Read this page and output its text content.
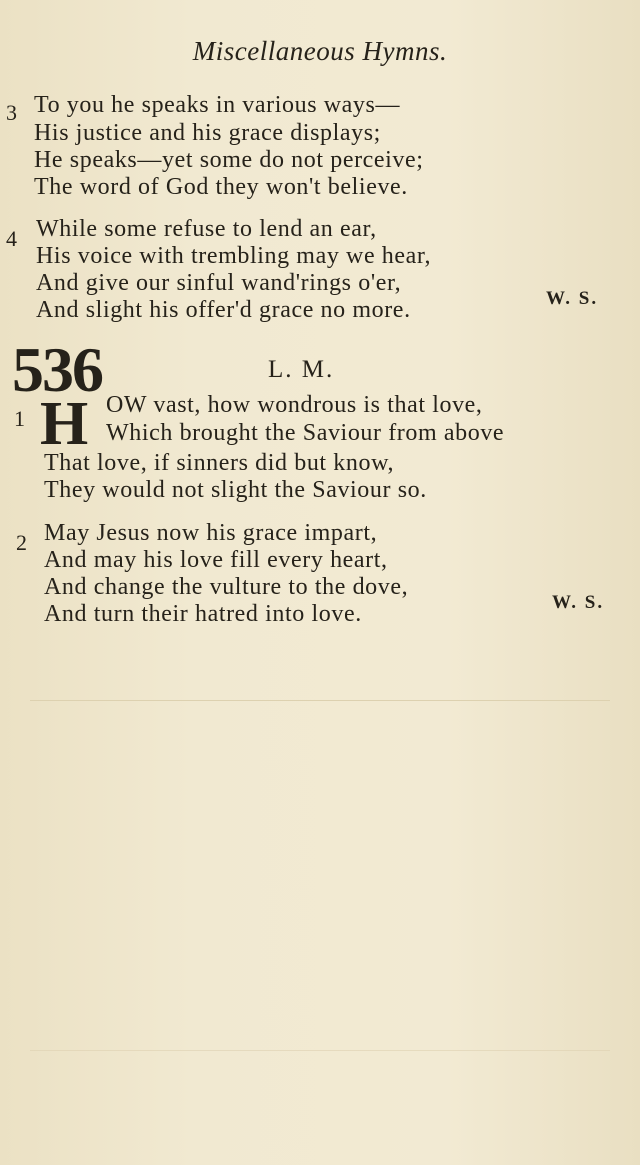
Miscellaneous Hymns.
3 To you he speaks in various ways—
His justice and his grace displays;
He speaks—yet some do not perceive;
The word of God they won't believe.
4 While some refuse to lend an ear,
His voice with trembling may we hear,
And give our sinful wand'rings o'er,
And slight his offer'd grace no more.	W. S.
536	L. M.
1 H OW vast, how wondrous is that love,
Which brought the Saviour from above
That love, if sinners did but know,
They would not slight the Saviour so.
2 May Jesus now his grace impart,
And may his love fill every heart,
And change the vulture to the dove,
And turn their hatred into love.	W. S.
